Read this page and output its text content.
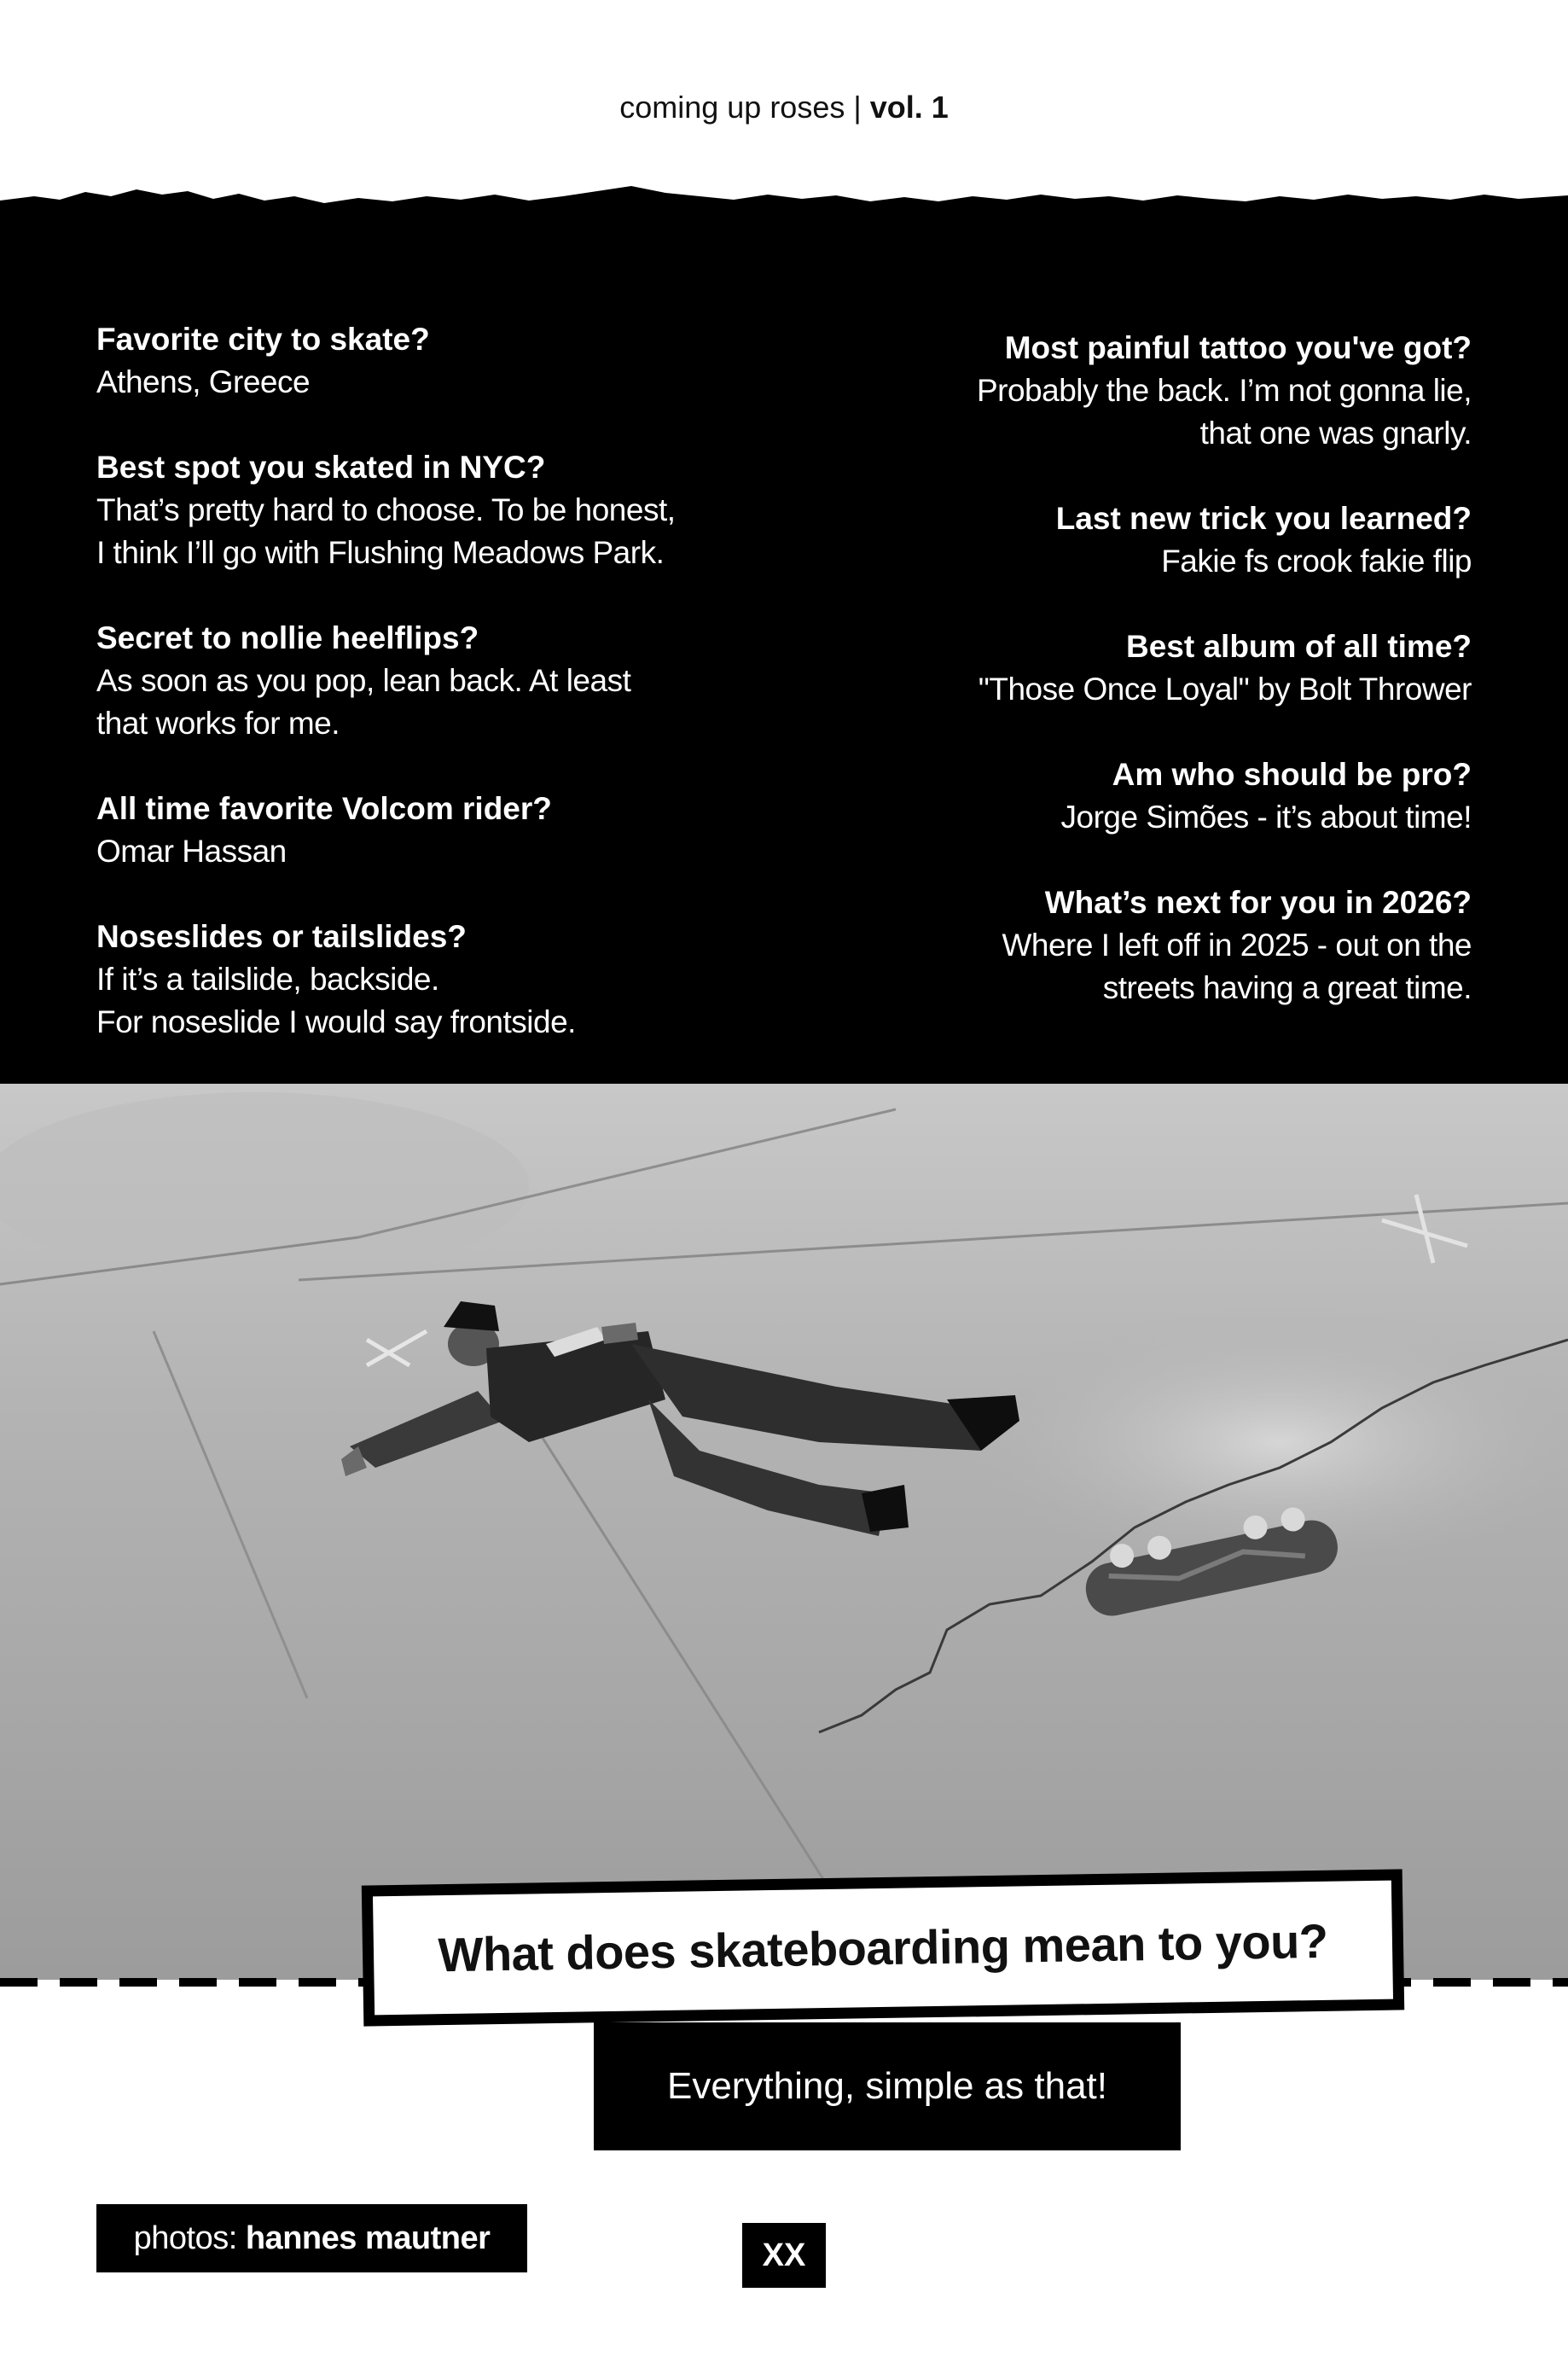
coming up roses | vol. 1
Favorite city to skate?
Athens, Greece
Best spot you skated in NYC?
That’s pretty hard to choose. To be honest,
I think I’ll go with Flushing Meadows Park.
Secret to nollie heelflips?
As soon as you pop, lean back. At least
that works for me.
All time favorite Volcom rider?
Omar Hassan
Noseslides or tailslides?
If it’s a tailslide, backside.
For noseslide I would say frontside.
Most painful tattoo you've got?
Probably the back. I’m not gonna lie,
that one was gnarly.
Last new trick you learned?
Fakie fs crook fakie flip
Best album of all time?
"Those Once Loyal" by Bolt Thrower
Am who should be pro?
Jorge Simões - it’s about time!
What’s next for you in 2026?
Where I left off in 2025 - out on the
streets having a great time.
What does skateboarding mean to you?
Everything, simple as that!
photos: hannes mautner	XX
